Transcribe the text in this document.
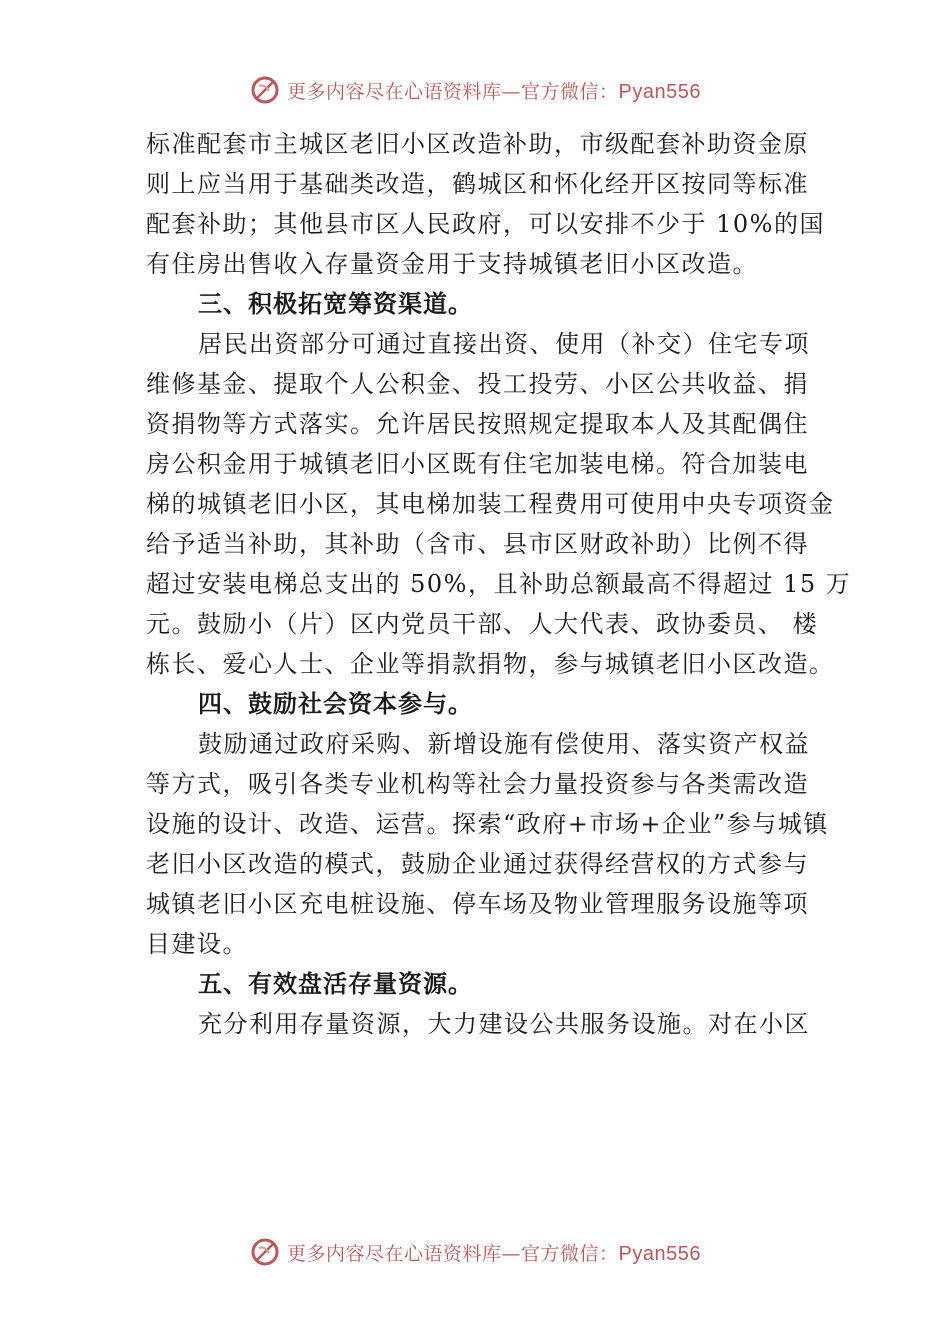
更多内容尽在心语资料库—官方微信：Pyan556
标准配套市主城区老旧小区改造补助，市级配套补助资金原
则上应当用于基础类改造，鹤城区和怀化经开区按同等标准
配套补助；其他县市区人民政府，可以安排不少于 10%的国
有住房出售收入存量资金用于支持城镇老旧小区改造。
三、积极拓宽筹资渠道。
居民出资部分可通过直接出资、使用（补交）住宅专项
维修基金、提取个人公积金、投工投劳、小区公共收益、捐
资捐物等方式落实。允许居民按照规定提取本人及其配偶住
房公积金用于城镇老旧小区既有住宅加装电梯。符合加装电
梯的城镇老旧小区，其电梯加装工程费用可使用中央专项资金
给予适当补助，其补助（含市、县市区财政补助）比例不得
超过安装电梯总支出的 50%，且补助总额最高不得超过 15 万
元。鼓励小（片）区内党员干部、人大代表、政协委员、 楼
栋长、爱心人士、企业等捐款捐物，参与城镇老旧小区改造。
四、鼓励社会资本参与。
鼓励通过政府采购、新增设施有偿使用、落实资产权益
等方式，吸引各类专业机构等社会力量投资参与各类需改造
设施的设计、改造、运营。探索“政府+市场+企业”参与城镇
老旧小区改造的模式，鼓励企业通过获得经营权的方式参与
城镇老旧小区充电桩设施、停车场及物业管理服务设施等项
目建设。
五、有效盘活存量资源。
充分利用存量资源，大力建设公共服务设施。对在小区
更多内容尽在心语资料库—官方微信：Pyan556
